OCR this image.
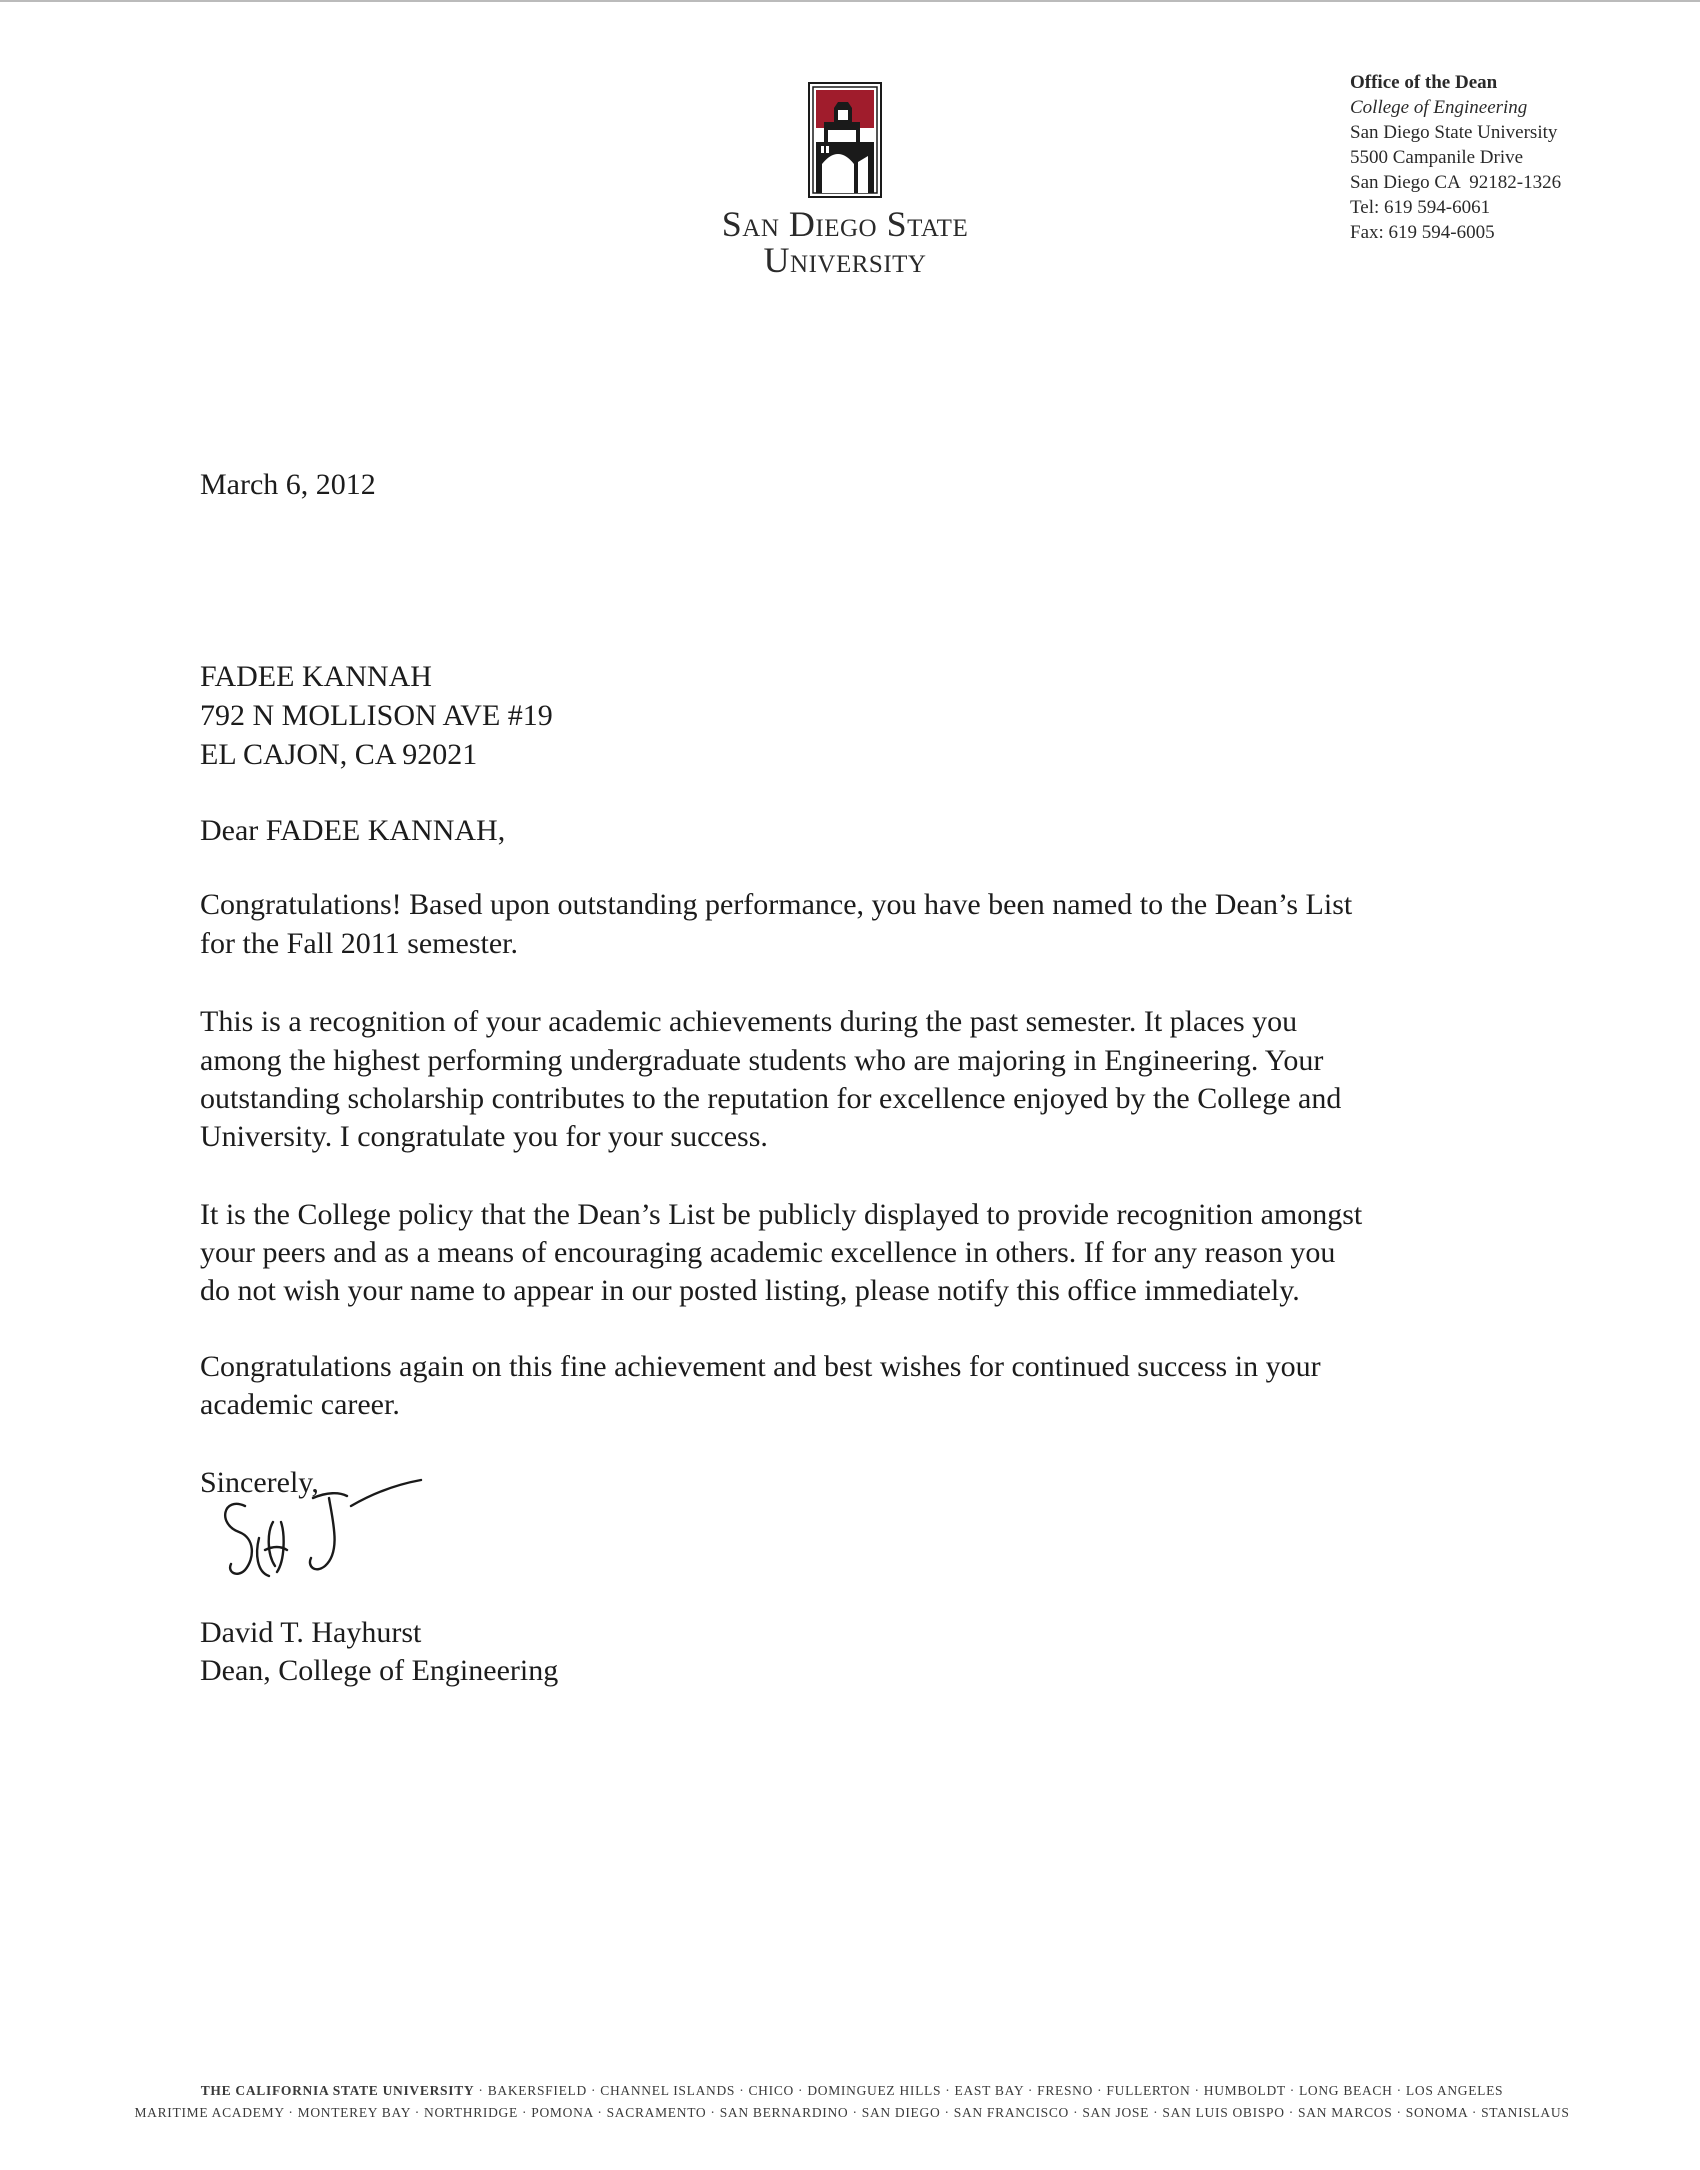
San Diego State
University
Office of the Dean
College of Engineering
San Diego State University
5500 Campanile Drive
San Diego CA  92182-1326
Tel: 619 594-6061
Fax: 619 594-6005
March 6, 2012
FADEE KANNAH
792 N MOLLISON AVE #19
EL CAJON, CA 92021
Dear FADEE KANNAH,
Congratulations! Based upon outstanding performance, you have been named to the Dean’s List
for the Fall 2011 semester.
This is a recognition of your academic achievements during the past semester. It places you
among the highest performing undergraduate students who are majoring in Engineering. Your
outstanding scholarship contributes to the reputation for excellence enjoyed by the College and
University. I congratulate you for your success.
It is the College policy that the Dean’s List be publicly displayed to provide recognition amongst
your peers and as a means of encouraging academic excellence in others. If for any reason you
do not wish your name to appear in our posted listing, please notify this office immediately.
Congratulations again on this fine achievement and best wishes for continued success in your
academic career.
Sincerely,
David T. Hayhurst
Dean, College of Engineering
THE CALIFORNIA STATE UNIVERSITY · BAKERSFIELD · CHANNEL ISLANDS · CHICO · DOMINGUEZ HILLS · EAST BAY · FRESNO · FULLERTON · HUMBOLDT · LONG BEACH · LOS ANGELES
MARITIME ACADEMY · MONTEREY BAY · NORTHRIDGE · POMONA · SACRAMENTO · SAN BERNARDINO · SAN DIEGO · SAN FRANCISCO · SAN JOSE · SAN LUIS OBISPO · SAN MARCOS · SONOMA · STANISLAUS
